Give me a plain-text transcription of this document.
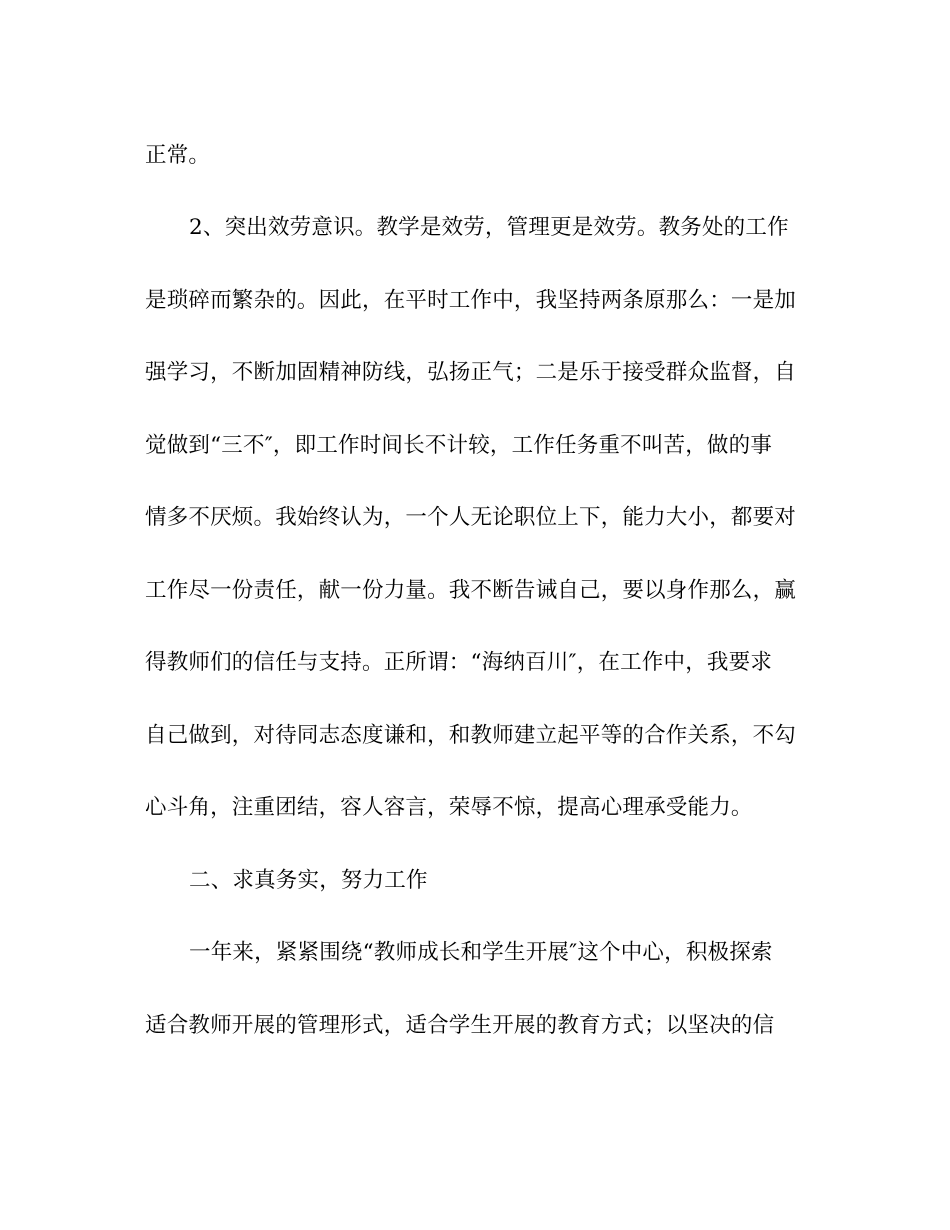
正常。
2、突出效劳意识。教学是效劳，管理更是效劳。教务处的工作
是琐碎而繁杂的。因此，在平时工作中，我坚持两条原那么：一是加
强学习，不断加固精神防线，弘扬正气；二是乐于接受群众监督，自
觉做到“三不″，即工作时间长不计较，工作任务重不叫苦，做的事
情多不厌烦。我始终认为，一个人无论职位上下，能力大小，都要对
工作尽一份责任，献一份力量。我不断告诫自己，要以身作那么，赢
得教师们的信任与支持。正所谓：“海纳百川″，在工作中，我要求
自己做到，对待同志态度谦和，和教师建立起平等的合作关系，不勾
心斗角，注重团结，容人容言，荣辱不惊，提高心理承受能力。
二、求真务实，努力工作
一年来，紧紧围绕“教师成长和学生开展″这个中心，积极探索
适合教师开展的管理形式，适合学生开展的教育方式；以坚决的信
